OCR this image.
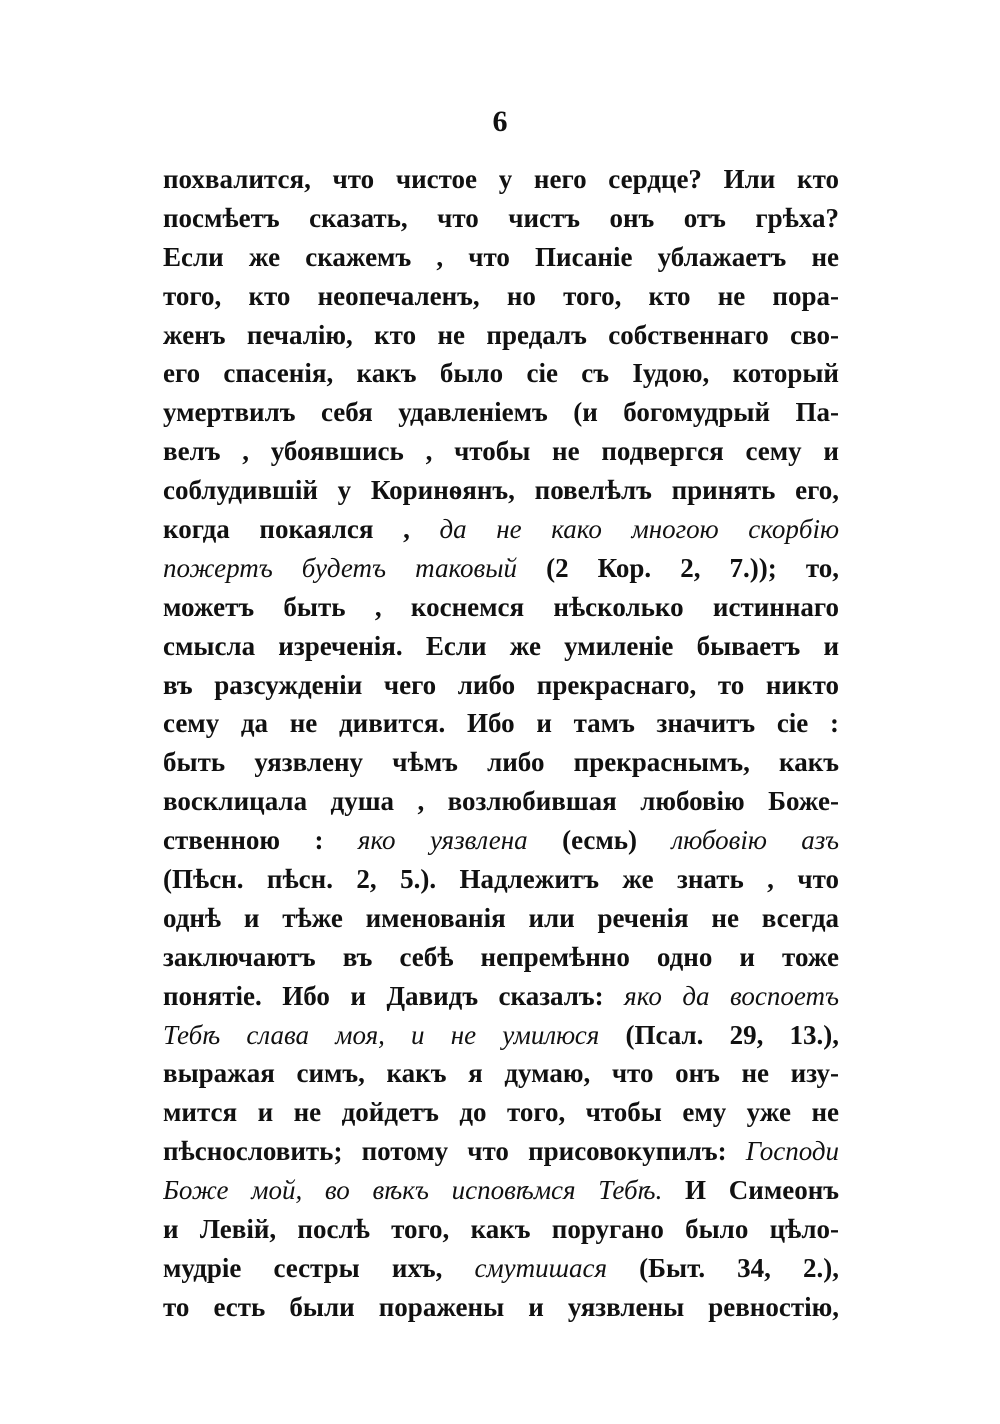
6
похвалится, что чистое у него сердце? Или кто
посмѣетъ сказать, что чистъ онъ отъ грѣха?
Если же скажемъ , что Писаніе ублажаетъ не
того, кто неопечаленъ, но того, кто не пора-
женъ печалію, кто не предалъ собственнаго сво-
его спасенія, какъ было сіе съ Іудою, который
умертвилъ себя удавленіемъ (и богомудрый Па-
велъ , убоявшись , чтобы не подвергся сему и
соблудившій у Коринѳянъ, повелѣлъ принять его,
когда покаялся , да не како многою скорбію
пожертъ будетъ таковый (2 Кор. 2, 7.)); то,
можетъ быть , коснемся нѣсколько истиннаго
смысла изреченія. Если же умиленіе бываетъ и
въ разсужденіи чего либо прекраснаго, то никто
сему да не дивится. Ибо и тамъ значитъ сіе :
быть уязвлену чѣмъ либо прекраснымъ, какъ
восклицала душа , возлюбившая любовію Боже-
ственною : яко уязвлена (есмь) любовію азъ
(Пѣсн. пѣсн. 2, 5.). Надлежитъ же знать , что
однѣ и тѣже именованія или реченія не всегда
заключаютъ въ себѣ непремѣнно одно и тоже
понятіе. Ибо и Давидъ сказалъ: яко да воспоетъ
Тебѣ слава моя, и не умилюся (Псал. 29, 13.),
выражая симъ, какъ я думаю, что онъ не изу-
мится и не дойдетъ до того, чтобы ему уже не
пѣснословить; потому что присовокупилъ: Господи
Боже мой, во вѣкъ исповѣмся Тебѣ. И Симеонъ
и Левій, послѣ того, какъ поругано было цѣло-
мудріе сестры ихъ, смутишася (Быт. 34, 2.),
то есть были поражены и уязвлены ревностію,
